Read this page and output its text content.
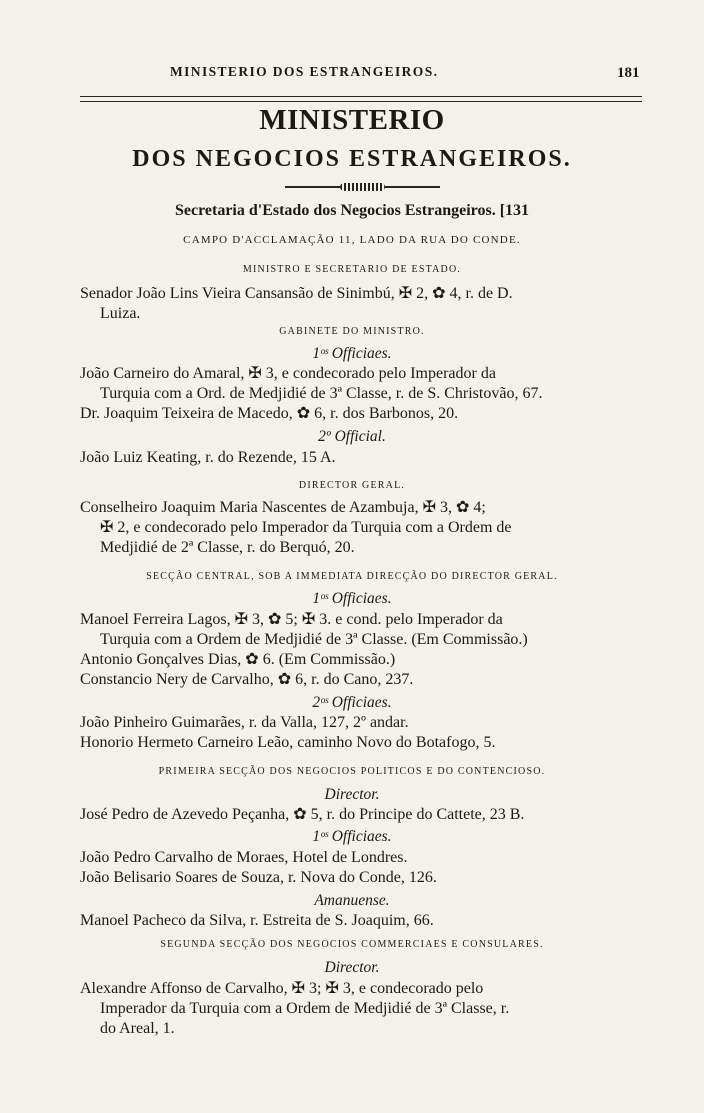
MINISTERIO DOS ESTRANGEIROS.	181
MINISTERIO
DOS NEGOCIOS ESTRANGEIROS.
Secretaria d'Estado dos Negocios Estrangeiros. [131
CAMPO D'ACCLAMAÇÃO 11, LADO DA RUA DO CONDE.
MINISTRO E SECRETARIO DE ESTADO.
Senador João Lins Vieira Cansansão de Sinimbú, ✠ 2, ✿ 4, r. de D.
Luiza.
GABINETE DO MINISTRO.
1ᵒˢ Officiaes.
João Carneiro do Amaral, ✠ 3, e condecorado pelo Imperador da
Turquia com a Ord. de Medjidié de 3ª Classe, r. de S. Christovão, 67.
Dr. Joaquim Teixeira de Macedo, ✿ 6, r. dos Barbonos, 20.
2º Official.
João Luiz Keating, r. do Rezende, 15 A.
DIRECTOR GERAL.
Conselheiro Joaquim Maria Nascentes de Azambuja, ✠ 3, ✿ 4;
✠ 2, e condecorado pelo Imperador da Turquia com a Ordem de
Medjidié de 2ª Classe, r. do Berquó, 20.
SECÇÃO CENTRAL, SOB A IMMEDIATA DIRECÇÃO DO DIRECTOR GERAL.
1ᵒˢ Officiaes.
Manoel Ferreira Lagos, ✠ 3, ✿ 5; ✠ 3. e cond. pelo Imperador da
Turquia com a Ordem de Medjidié de 3ª Classe. (Em Commissão.)
Antonio Gonçalves Dias, ✿ 6. (Em Commissão.)
Constancio Nery de Carvalho, ✿ 6, r. do Cano, 237.
2ᵒˢ Officiaes.
João Pinheiro Guimarães, r. da Valla, 127, 2º andar.
Honorio Hermeto Carneiro Leão, caminho Novo do Botafogo, 5.
PRIMEIRA SECÇÃO DOS NEGOCIOS POLITICOS E DO CONTENCIOSO.
Director.
José Pedro de Azevedo Peçanha, ✿ 5, r. do Principe do Cattete, 23 B.
1ᵒˢ Officiaes.
João Pedro Carvalho de Moraes, Hotel de Londres.
João Belisario Soares de Souza, r. Nova do Conde, 126.
Amanuense.
Manoel Pacheco da Silva, r. Estreita de S. Joaquim, 66.
SEGUNDA SECÇÃO DOS NEGOCIOS COMMERCIAES E CONSULARES.
Director.
Alexandre Affonso de Carvalho, ✠ 3; ✠ 3, e condecorado pelo
Imperador da Turquia com a Ordem de Medjidié de 3ª Classe, r.
do Areal, 1.
